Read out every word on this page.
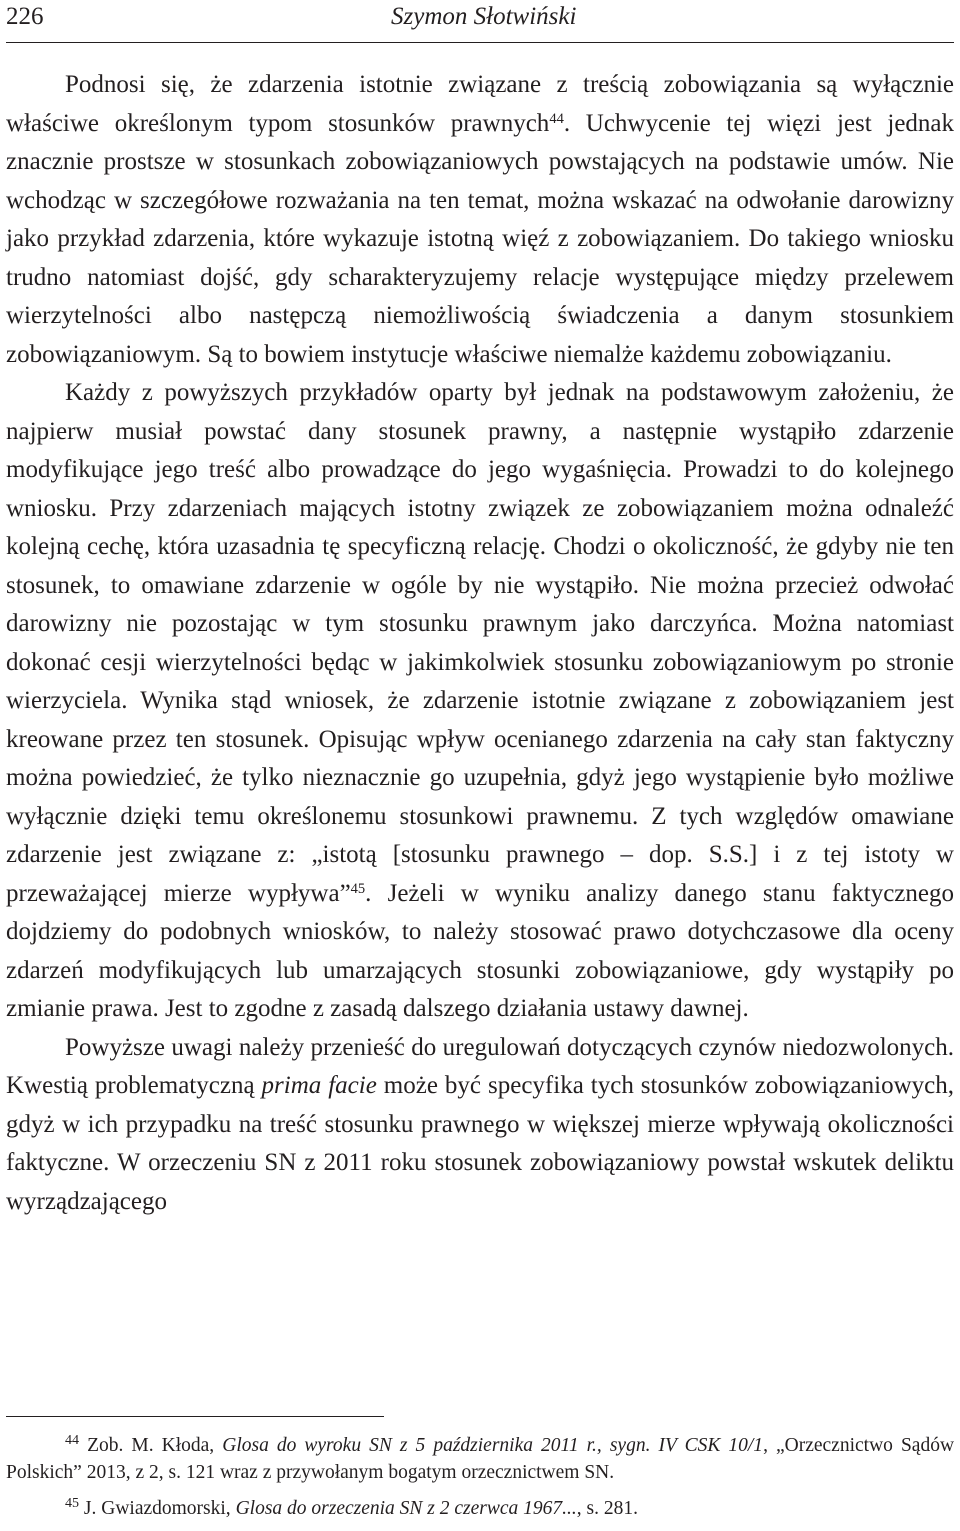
226	Szymon Słotwiński

Podnosi się, że zdarzenia istotnie związane z treścią zobowiązania są wyłącznie właściwe określonym typom stosunków prawnych$^{44}$. Uchwycenie tej więzi jest jednak znacznie prostsze w stosunkach zobowiązaniowych powstających na podstawie umów. Nie wchodząc w szczegółowe rozważania na ten temat, można wskazać na odwołanie darowizny jako przykład zdarzenia, które wykazuje istotną więź z zobowiązaniem. Do takiego wniosku trudno natomiast dojść, gdy scharakteryzujemy relacje występujące między przelewem wierzytelności albo następczą niemożliwością świadczenia a danym stosunkiem zobowiązaniowym. Są to bowiem instytucje właściwe niemalże każdemu zobowiązaniu.

Każdy z powyższych przykładów oparty był jednak na podstawowym założeniu, że najpierw musiał powstać dany stosunek prawny, a następnie wystąpiło zdarzenie modyfikujące jego treść albo prowadzące do jego wygaśnięcia. Prowadzi to do kolejnego wniosku. Przy zdarzeniach mających istotny związek ze zobowiązaniem można odnaleźć kolejną cechę, która uzasadnia tę specyficzną relację. Chodzi o okoliczność, że gdyby nie ten stosunek, to omawiane zdarzenie w ogóle by nie wystąpiło. Nie można przecież odwołać darowizny nie pozostając w tym stosunku prawnym jako darczyńca. Można natomiast dokonać cesji wierzytelności będąc w jakimkolwiek stosunku zobowiązaniowym po stronie wierzyciela. Wynika stąd wniosek, że zdarzenie istotnie związane z zobowiązaniem jest kreowane przez ten stosunek. Opisując wpływ ocenianego zdarzenia na cały stan faktyczny można powiedzieć, że tylko nieznacznie go uzupełnia, gdyż jego wystąpienie było możliwe wyłącznie dzięki temu określonemu stosunkowi prawnemu. Z tych względów omawiane zdarzenie jest związane z: „istotą [stosunku prawnego – dop. S.S.] i z tej istoty w przeważającej mierze wypływa”$^{45}$. Jeżeli w wyniku analizy danego stanu faktycznego dojdziemy do podobnych wniosków, to należy stosować prawo dotychczasowe dla oceny zdarzeń modyfikujących lub umarzających stosunki zobowiązaniowe, gdy wystąpiły po zmianie prawa. Jest to zgodne z zasadą dalszego działania ustawy dawnej.

Powyższe uwagi należy przenieść do uregulowań dotyczących czynów niedozwolonych. Kwestią problematyczną prima facie może być specyfika tych stosunków zobowiązaniowych, gdyż w ich przypadku na treść stosunku prawnego w większej mierze wpływają okoliczności faktyczne. W orzeczeniu SN z 2011 roku stosunek zobowiązaniowy powstał wskutek deliktu wyrządzającego

$^{44}$ Zob. M. Kłoda, Glosa do wyroku SN z 5 października 2011 r., sygn. IV CSK 10/1, „Orzecznictwo Sądów Polskich” 2013, z 2, s. 121 wraz z przywołanym bogatym orzecznictwem SN.

$^{45}$ J. Gwiazdomorski, Glosa do orzeczenia SN z 2 czerwca 1967..., s. 281.
